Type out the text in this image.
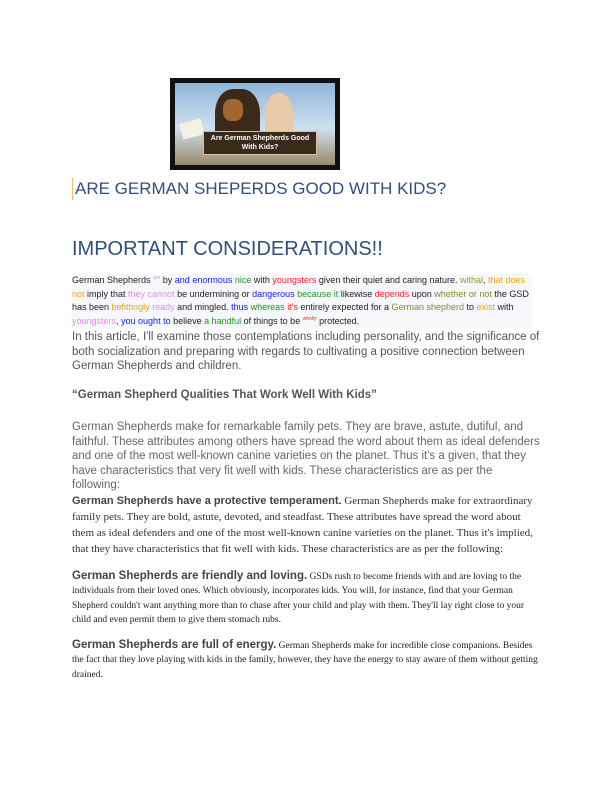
Are German Shepherds Good With Kids?
ARE GERMAN SHEPERDS GOOD WITH KIDS?
IMPORTANT CONSIDERATIONS!!
German Shepherds $^{are}$ by and enormous nice with youngsters given their quiet and caring nature. withal, that does not imply that they cannot be undermining or dangerous because it likewise depends upon whether or not the GSD has been befittingly ready and mingled. thus whereas it's entirely expected for a German shepherd to exist with youngsters, you ought to believe a handful of things to be $^{wholly}$ protected.
In this article, I'll examine those contemplations including personality, and the significance of both socialization and preparing with regards to cultivating a positive connection between German Shepherds and children.
“German Shepherd Qualities That Work Well With Kids”
German Shepherds make for remarkable family pets. They are brave, astute, dutiful, and faithful. These attributes among others have spread the word about them as ideal defenders and one of the most well-known canine varieties on the planet. Thus it's a given, that they have characteristics that very fit well with kids. These characteristics are as per the following:
German Shepherds have a protective temperament. German Shepherds make for extraordinary family pets. They are bold, astute, devoted, and steadfast. These attributes have spread the word about them as ideal defenders and one of the most well-known canine varieties on the planet. Thus it's implied, that they have characteristics that fit well with kids. These characteristics are as per the following:
German Shepherds are friendly and loving. GSDs rush to become friends with and are loving to the individuals from their loved ones. Which obviously, incorporates kids. You will, for instance, find that your German Shepherd couldn't want anything more than to chase after your child and play with them. They'll lay right close to your child and even permit them to give them stomach rubs.
German Shepherds are full of energy. German Shepherds make for incredible close companions. Besides the fact that they love playing with kids in the family, however, they have the energy to stay aware of them without getting drained.
